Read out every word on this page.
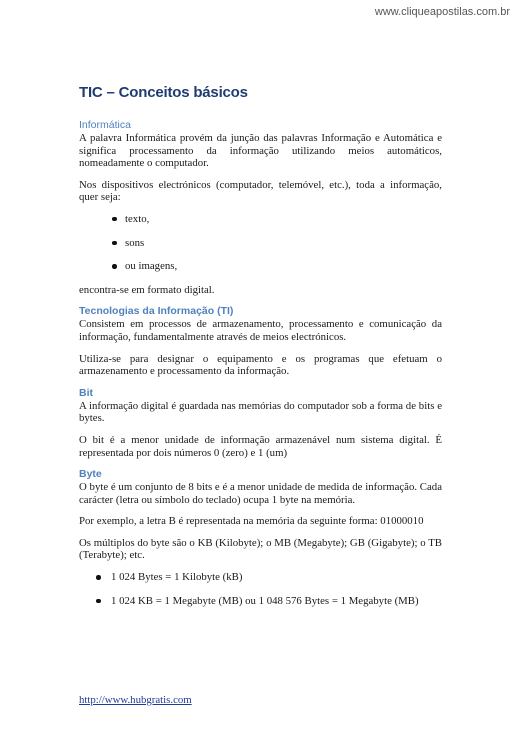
www.cliqueapostilas.com.br
TIC – Conceitos básicos
Informática

A palavra Informática provém da junção das palavras Informação e Automática e significa processamento da informação utilizando meios automáticos, nomeadamente o computador.

Nos dispositivos electrónicos (computador, telemóvel, etc.), toda a informação, quer seja:

texto,
sons
ou imagens,

encontra-se em formato digital.

Tecnologias da Informação (TI)

Consistem em processos de armazenamento, processamento e comunicação da informação, fundamentalmente através de meios electrónicos.

Utiliza-se para designar o equipamento e os programas que efetuam o armazenamento e processamento da informação.

Bit

A informação digital é guardada nas memórias do computador sob a forma de bits e bytes.

O bit é a menor unidade de informação armazenável num sistema digital. É representada por dois números 0 (zero) e 1 (um)

Byte

O byte é um conjunto de 8 bits e é a menor unidade de medida de informação. Cada carácter (letra ou símbolo do teclado) ocupa 1 byte na memória.

Por exemplo, a letra B é representada na memória da seguinte forma: 01000010

Os múltiplos do byte são o KB (Kilobyte); o MB (Megabyte); GB (Gigabyte); o TB (Terabyte); etc.

1 024 Bytes = 1 Kilobyte (kB)
1 024 KB = 1 Megabyte (MB) ou 1 048 576 Bytes = 1 Megabyte (MB)
http://www.hubgratis.com
